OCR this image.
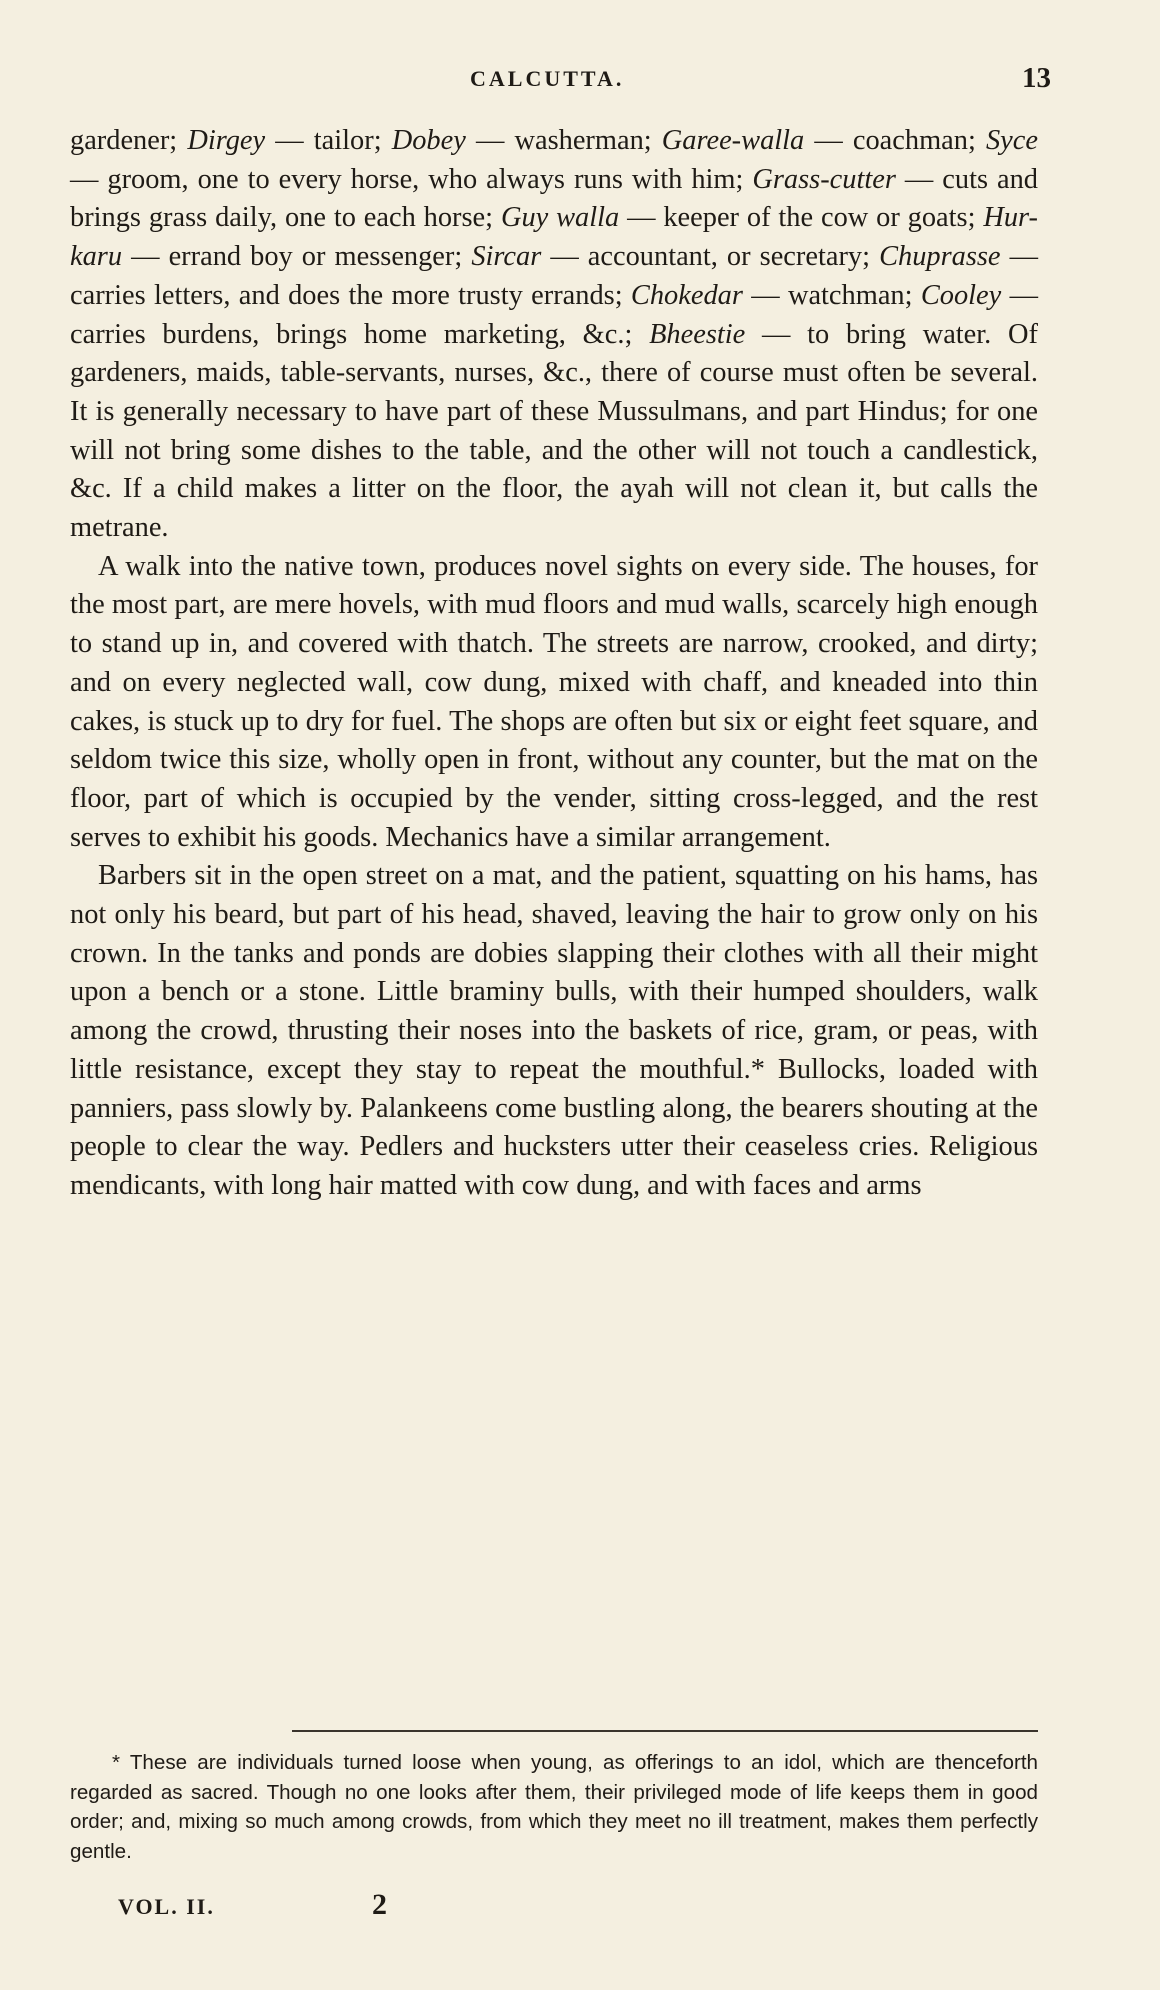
CALCUTTA.	13

gardener; Dirgey — tailor; Dobey — washerman; Garee-walla — coachman; Syce — groom, one to every horse, who always runs with him; Grass-cutter — cuts and brings grass daily, one to each horse; Guy walla — keeper of the cow or goats; Hur-karu — errand boy or messenger; Sircar — accountant, or secretary; Chuprasse — carries letters, and does the more trusty errands; Chokedar — watchman; Cooley — carries burdens, brings home marketing, &c.; Bheestie — to bring water. Of gardeners, maids, table-servants, nurses, &c., there of course must often be several. It is generally necessary to have part of these Mussulmans, and part Hindus; for one will not bring some dishes to the table, and the other will not touch a candlestick, &c. If a child makes a litter on the floor, the ayah will not clean it, but calls the metrane.

A walk into the native town, produces novel sights on every side. The houses, for the most part, are mere hovels, with mud floors and mud walls, scarcely high enough to stand up in, and covered with thatch. The streets are narrow, crooked, and dirty; and on every neglected wall, cow dung, mixed with chaff, and kneaded into thin cakes, is stuck up to dry for fuel. The shops are often but six or eight feet square, and seldom twice this size, wholly open in front, without any counter, but the mat on the floor, part of which is occupied by the vender, sitting cross-legged, and the rest serves to exhibit his goods. Mechanics have a similar arrangement.

Barbers sit in the open street on a mat, and the patient, squatting on his hams, has not only his beard, but part of his head, shaved, leaving the hair to grow only on his crown. In the tanks and ponds are dobies slapping their clothes with all their might upon a bench or a stone. Little braminy bulls, with their humped shoulders, walk among the crowd, thrusting their noses into the baskets of rice, gram, or peas, with little resistance, except they stay to repeat the mouthful.* Bullocks, loaded with panniers, pass slowly by. Palankeens come bustling along, the bearers shouting at the people to clear the way. Pedlers and hucksters utter their ceaseless cries. Religious mendicants, with long hair matted with cow dung, and with faces and arms

* These are individuals turned loose when young, as offerings to an idol, which are thenceforth regarded as sacred. Though no one looks after them, their privileged mode of life keeps them in good order; and, mixing so much among crowds, from which they meet no ill treatment, makes them perfectly gentle.

VOL. II.	2
